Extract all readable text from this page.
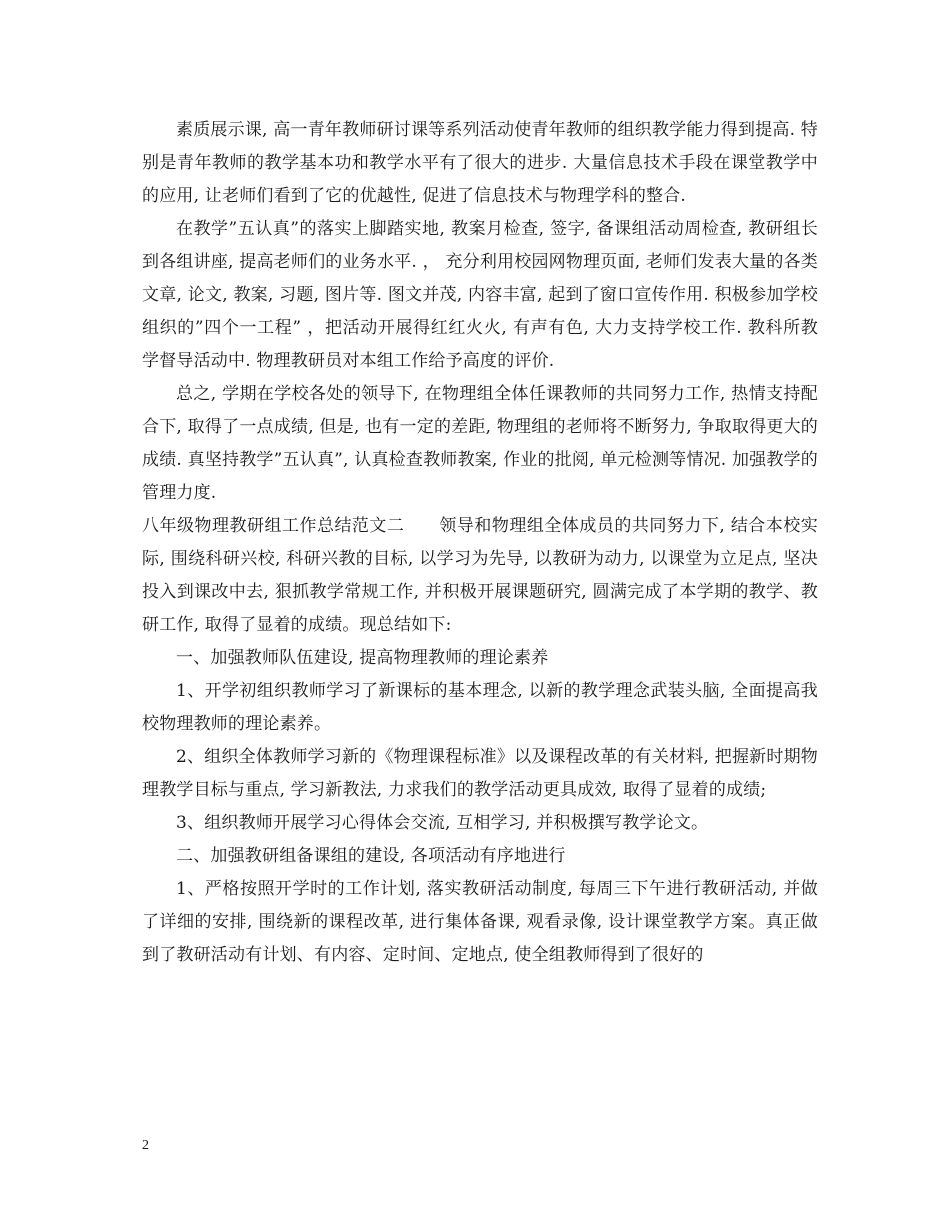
素质展示课, 高一青年教师研讨课等系列活动使青年教师的组织教学能力得到提高. 特别是青年教师的教学基本功和教学水平有了很大的进步. 大量信息技术手段在课堂教学中的应用, 让老师们看到了它的优越性, 促进了信息技术与物理学科的整合.

在教学”五认真”的落实上脚踏实地, 教案月检查, 签字, 备课组活动周检查, 教研组长到各组讲座, 提高老师们的业务水平. ， 充分利用校园网物理页面, 老师们发表大量的各类文章, 论文, 教案, 习题, 图片等. 图文并茂, 内容丰富, 起到了窗口宣传作用. 积极参加学校组织的”四个一工程” ，把活动开展得红红火火, 有声有色, 大力支持学校工作. 教科所教学督导活动中. 物理教研员对本组工作给予高度的评价.

总之, 学期在学校各处的领导下, 在物理组全体任课教师的共同努力工作, 热情支持配合下, 取得了一点成绩, 但是, 也有一定的差距, 物理组的老师将不断努力, 争取取得更大的成绩. 真坚持教学”五认真”, 认真检查教师教案, 作业的批阅, 单元检测等情况. 加强教学的管理力度.

八年级物理教研组工作总结范文二　　领导和物理组全体成员的共同努力下, 结合本校实际, 围绕科研兴校, 科研兴教的目标, 以学习为先导, 以教研为动力, 以课堂为立足点, 坚决投入到课改中去, 狠抓教学常规工作, 并积极开展课题研究, 圆满完成了本学期的教学、教研工作, 取得了显着的成绩。现总结如下:

一、加强教师队伍建设, 提高物理教师的理论素养

1、开学初组织教师学习了新课标的基本理念, 以新的教学理念武装头脑, 全面提高我校物理教师的理论素养。

2、组织全体教师学习新的《物理课程标准》以及课程改革的有关材料, 把握新时期物理教学目标与重点, 学习新教法, 力求我们的教学活动更具成效, 取得了显着的成绩;

3、组织教师开展学习心得体会交流, 互相学习, 并积极撰写教学论文。

二、加强教研组备课组的建设, 各项活动有序地进行

1、严格按照开学时的工作计划, 落实教研活动制度, 每周三下午进行教研活动, 并做了详细的安排, 围绕新的课程改革, 进行集体备课, 观看录像, 设计课堂教学方案。真正做到了教研活动有计划、有内容、定时间、定地点, 使全组教师得到了很好的

2
